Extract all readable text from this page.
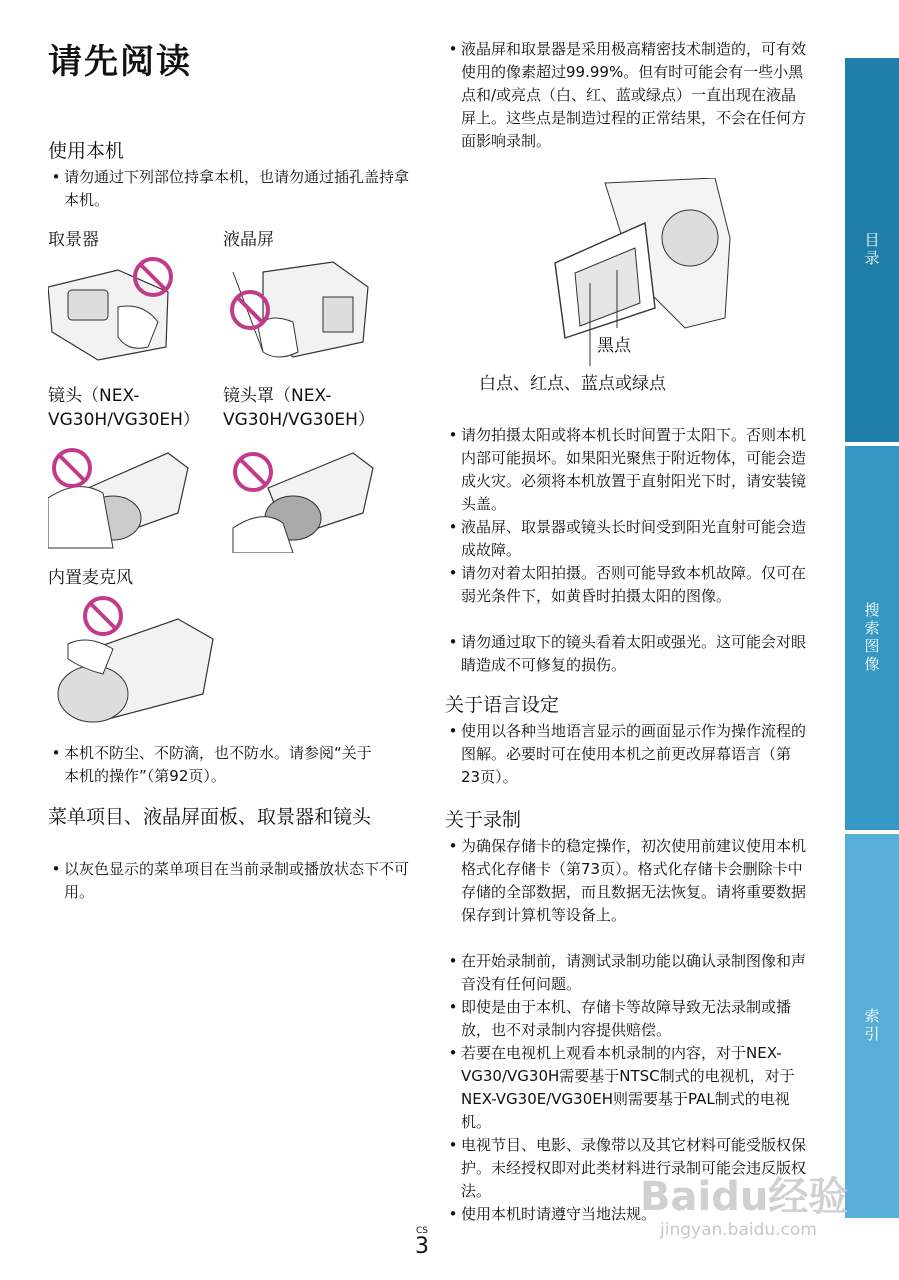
请先阅读
使用本机

• 请勿通过下列部位持拿本机，也请勿通过插孔盖持拿本机。

取景器	液晶屏

镜头（NEX-VG30H/VG30EH）

镜头罩（NEX-VG30H/VG30EH）

内置麦克风

• 本机不防尘、不防滴，也不防水。请参阅“关于本机的操作”（第92页）。

菜单项目、液晶屏面板、取景器和镜头

• 以灰色显示的菜单项目在当前录制或播放状态下不可用。

• 液晶屏和取景器是采用极高精密技术制造的，可有效使用的像素超过99.99%。但有时可能会有一些小黑点和/或亮点（白、红、蓝或绿点）一直出现在液晶屏上。这些点是制造过程的正常结果，不会在任何方面影响录制。

黑点

白点、红点、蓝点或绿点

• 请勿拍摄太阳或将本机长时间置于太阳下。否则本机内部可能损坏。如果阳光聚焦于附近物体，可能会造成火灾。必须将本机放置于直射阳光下时，请安装镜头盖。

• 液晶屏、取景器或镜头长时间受到阳光直射可能会造成故障。

• 请勿对着太阳拍摄。否则可能导致本机故障。仅可在弱光条件下，如黄昏时拍摄太阳的图像。

• 请勿通过取下的镜头看着太阳或强光。这可能会对眼睛造成不可修复的损伤。

关于语言设定

• 使用以各种当地语言显示的画面显示作为操作流程的图解。必要时可在使用本机之前更改屏幕语言（第23页）。

关于录制

• 为确保存储卡的稳定操作，初次使用前建议使用本机格式化存储卡（第73页）。格式化存储卡会删除卡中存储的全部数据，而且数据无法恢复。请将重要数据保存到计算机等设备上。

• 在开始录制前，请测试录制功能以确认录制图像和声音没有任何问题。

• 即使是由于本机、存储卡等故障导致无法录制或播放，也不对录制内容提供赔偿。

• 若要在电视机上观看本机录制的内容，对于NEX-VG30/VG30H需要基于NTSC制式的电视机，对于NEX-VG30E/VG30EH则需要基于PAL制式的电视机。

• 电视节目、电影、录像带以及其它材料可能受版权保护。未经授权即对此类材料进行录制可能会违反版权法。

• 使用本机时请遵守当地法规。

目录
搜索图像
索引
CS
3
Baidu经验
jingyan.baidu.com
